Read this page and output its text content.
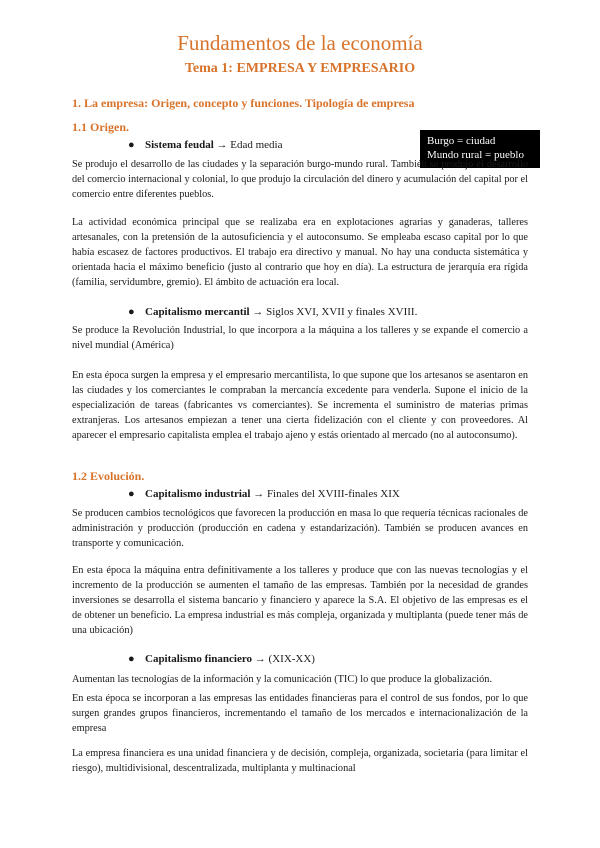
Fundamentos de la economía
Tema 1: EMPRESA Y EMPRESARIO
1. La empresa: Origen, concepto y funciones. Tipología de empresa
1.1 Origen.
Burgo = ciudad
Mundo rural = pueblo
● Sistema feudal → Edad media

Se produjo el desarrollo de las ciudades y la separación burgo-mundo rural. También se produjo el desarrollo del comercio internacional y colonial, lo que produjo la circulación del dinero y acumulación del capital por el comercio entre diferentes pueblos.

La actividad económica principal que se realizaba era en explotaciones agrarias y ganaderas, talleres artesanales, con la pretensión de la autosuficiencia y el autoconsumo. Se empleaba escaso capital por lo que había escasez de factores productivos. El trabajo era directivo y manual. No hay una conducta sistemática y orientada hacia el máximo beneficio (justo al contrario que hoy en día). La estructura de jerarquía era rígida (familia, servidumbre, gremio). El ámbito de actuación era local.

● Capitalismo mercantil → Siglos XVI, XVII y finales XVIII.

Se produce la Revolución Industrial, lo que incorpora a la máquina a los talleres y se expande el comercio a nivel mundial (América)

En esta época surgen la empresa y el empresario mercantilista, lo que supone que los artesanos se asentaron en las ciudades y los comerciantes le compraban la mercancía excedente para venderla. Supone el inicio de la especialización de tareas (fabricantes vs comerciantes). Se incrementa el suministro de materias primas extranjeras. Los artesanos empiezan a tener una cierta fidelización con el cliente y con proveedores. Al aparecer el empresario capitalista emplea el trabajo ajeno y estás orientado al mercado (no al autoconsumo).

1.2 Evolución.
● Capitalismo industrial → Finales del XVIII-finales XIX

Se producen cambios tecnológicos que favorecen la producción en masa lo que requería técnicas racionales de administración y producción (producción en cadena y estandarización). También se producen avances en transporte y comunicación.

En esta época la máquina entra definitivamente a los talleres y produce que con las nuevas tecnologías y el incremento de la producción se aumenten el tamaño de las empresas. También por la necesidad de grandes inversiones se desarrolla el sistema bancario y financiero y aparece la S.A. El objetivo de las empresas es el de obtener un beneficio. La empresa industrial es más compleja, organizada y multiplanta (puede tener más de una ubicación)

● Capitalismo financiero → (XIX-XX)

Aumentan las tecnologías de la información y la comunicación (TIC) lo que produce la globalización.

En esta época se incorporan a las empresas las entidades financieras para el control de sus fondos, por lo que surgen grandes grupos financieros, incrementando el tamaño de los mercados e internacionalización de la empresa

La empresa financiera es una unidad financiera y de decisión, compleja, organizada, societaria (para limitar el riesgo), multidivisional, descentralizada, multiplanta y multinacional
